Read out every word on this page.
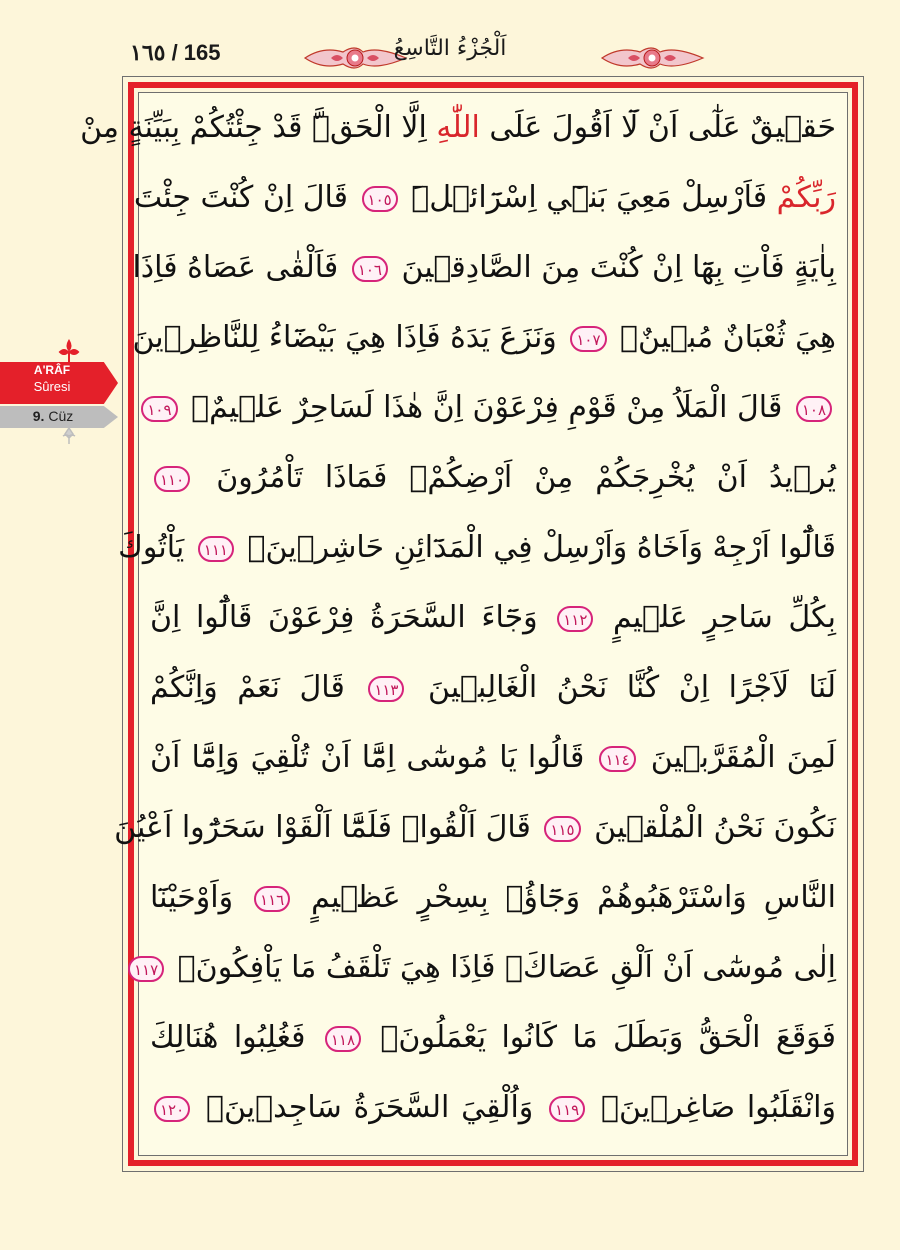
١٦٥ / 165	اَلْجُزْءُ التَّاسِعُ
A'RÂF
Sûresi
9. Cüz
حَق۪يقٌ عَلٰٓى اَنْ لَٓا اَقُولَ عَلَى اللّٰهِ اِلَّا الْحَقَّۜ قَدْ جِئْتُكُمْ بِبَيِّنَةٍ مِنْ
رَبِّكُمْ فَاَرْسِلْ مَعِيَ بَن۪ٓي اِسْرَٓائ۪لَۜ ١٠٥ قَالَ اِنْ كُنْتَ جِئْتَ
بِاٰيَةٍ فَاْتِ بِهَٓا اِنْ كُنْتَ مِنَ الصَّادِق۪ينَ ١٠٦ فَاَلْقٰى عَصَاهُ فَاِذَا
هِيَ ثُعْبَانٌ مُب۪ينٌۚ ١٠٧ وَنَزَعَ يَدَهُ فَاِذَا هِيَ بَيْضَٓاءُ لِلنَّاظِر۪ينَ
١٠٨ قَالَ الْمَلَاُ مِنْ قَوْمِ فِرْعَوْنَ اِنَّ هٰذَا لَسَاحِرٌ عَل۪يمٌۙ ١٠٩
يُر۪يدُ اَنْ يُخْرِجَكُمْ مِنْ اَرْضِكُمْۚ فَمَاذَا تَاْمُرُونَ ١١٠
قَالُٓوا اَرْجِهْ وَاَخَاهُ وَاَرْسِلْ فِي الْمَدَٓائِنِ حَاشِر۪ينَۙ ١١١ يَاْتُوكَ
بِكُلِّ سَاحِرٍ عَل۪يمٍ ١١٢ وَجَٓاءَ السَّحَرَةُ فِرْعَوْنَ قَالُٓوا اِنَّ
لَنَا لَاَجْرًا اِنْ كُنَّا نَحْنُ الْغَالِب۪ينَ ١١٣ قَالَ نَعَمْ وَاِنَّكُمْ
لَمِنَ الْمُقَرَّب۪ينَ ١١٤ قَالُوا يَا مُوسٰٓى اِمَّٓا اَنْ تُلْقِيَ وَاِمَّٓا اَنْ
نَكُونَ نَحْنُ الْمُلْق۪ينَ ١١٥ قَالَ اَلْقُواۚ فَلَمَّٓا اَلْقَوْا سَحَرُٓوا اَعْيُنَ
النَّاسِ وَاسْتَرْهَبُوهُمْ وَجَٓاؤُ۫ بِسِحْرٍ عَظ۪يمٍ ١١٦ وَاَوْحَيْنَٓا
اِلٰى مُوسٰٓى اَنْ اَلْقِ عَصَاكَۚ فَاِذَا هِيَ تَلْقَفُ مَا يَاْفِكُونَۚ ١١٧
فَوَقَعَ الْحَقُّ وَبَطَلَ مَا كَانُوا يَعْمَلُونَۚ ١١٨ فَغُلِبُوا هُنَالِكَ
وَانْقَلَبُوا صَاغِر۪ينَۚ ١١٩ وَاُلْقِيَ السَّحَرَةُ سَاجِد۪ينَۚ ١٢٠
